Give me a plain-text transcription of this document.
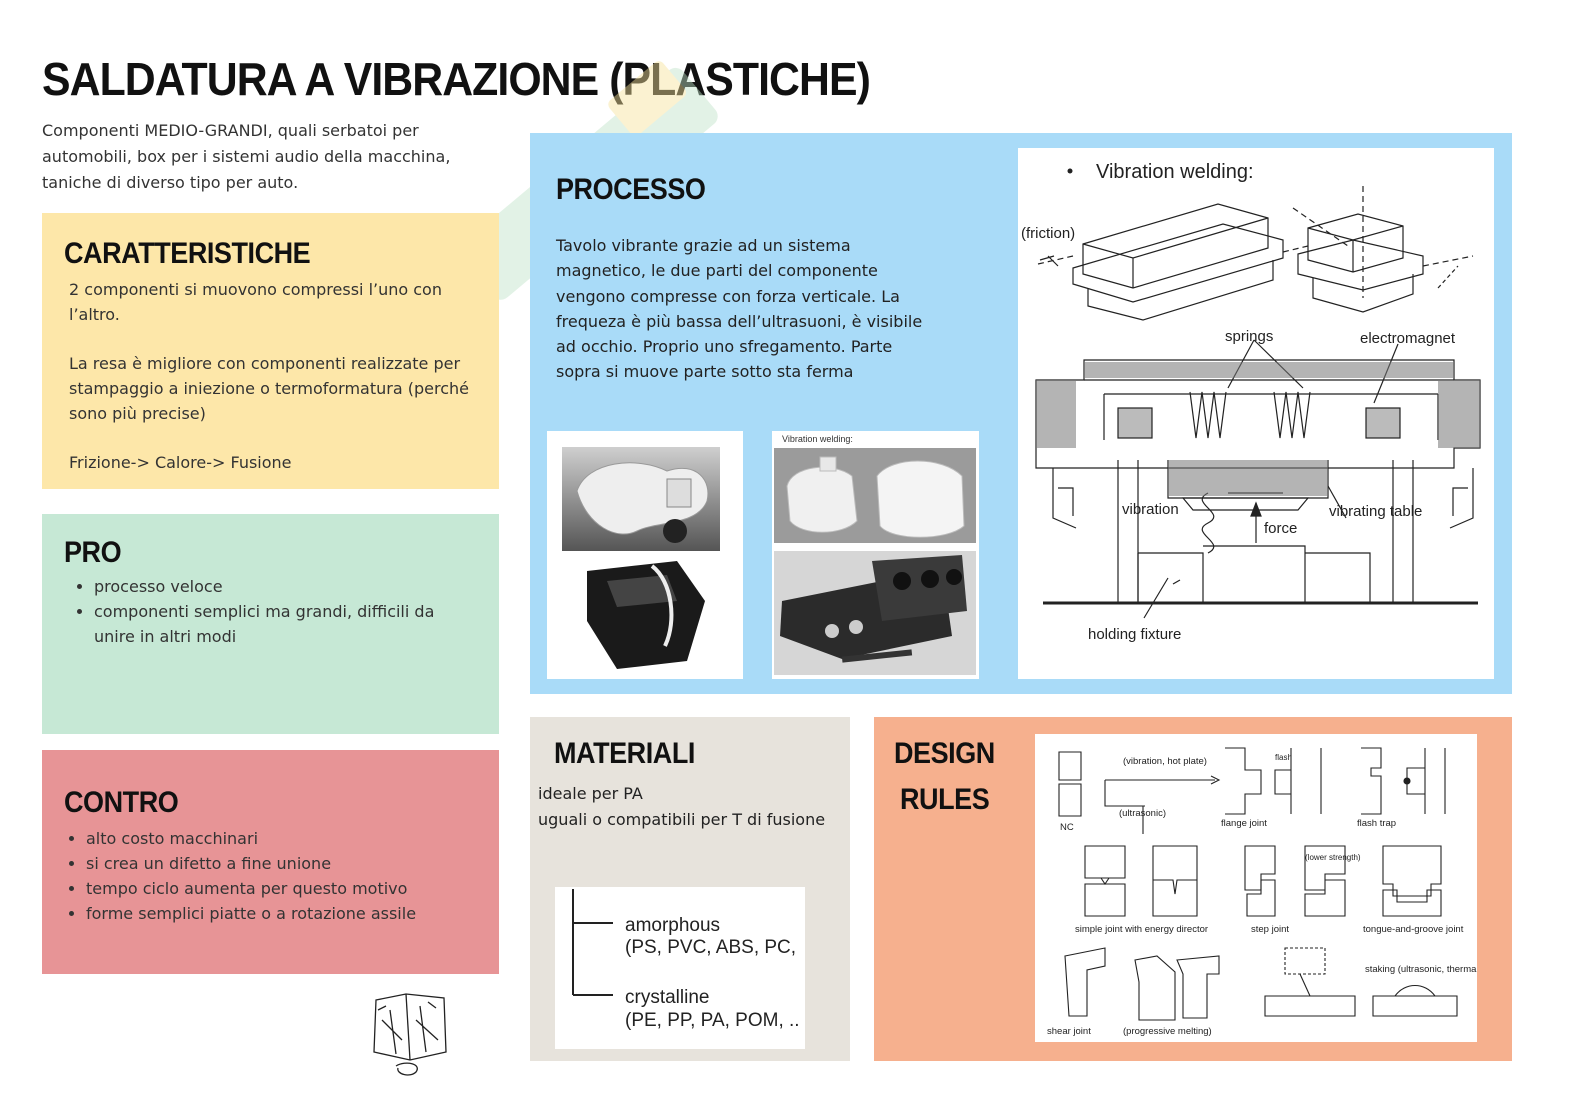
SALDATURA A VIBRAZIONE (PLASTICHE)
Componenti MEDIO-GRANDI, quali serbatoi per automobili, box per i sistemi audio della macchina, taniche di diverso tipo per auto.
CARATTERISTICHE

2 componenti si muovono compressi l’uno con l’altro.

La resa è migliore con componenti realizzate per stampaggio a iniezione o termoformatura (perché sono più precise)

Frizione-> Calore-> Fusione

PRO
• processo veloce
• componenti semplici ma grandi, difficili da unire in altri modi
CONTRO
• alto costo macchinari
• si crea un difetto a fine unione
• tempo ciclo aumenta per questo motivo
• forme semplici piatte o a rotazione assile
PROCESSO

Tavolo vibrante grazie ad un sistema magnetico, le due parti del componente vengono compresse con forza verticale. La frequeza è più bassa dell’ultrasuoni, è visibile ad occhio. Proprio uno sfregamento. Parte sopra si muove parte sotto sta ferma

Vibration welding:
Vibration welding:
(friction)
springs	electromagnet
vibration
force
vibrating table
holding fixture
MATERIALI

ideale per PA

uguali o compatibili per T di fusione

amorphous
(PS, PVC, ABS, PC,
crystalline
(PE, PP, PA, POM, ..
DESIGN
RULES
NC
(vibration, hot plate)
(ultrasonic)
flash
flange joint	flash trap
(lower strength)
simple joint with energy director	step joint	tongue-and-groove joint
staking (ultrasonic, thermal)
shear joint	(progressive melting)
